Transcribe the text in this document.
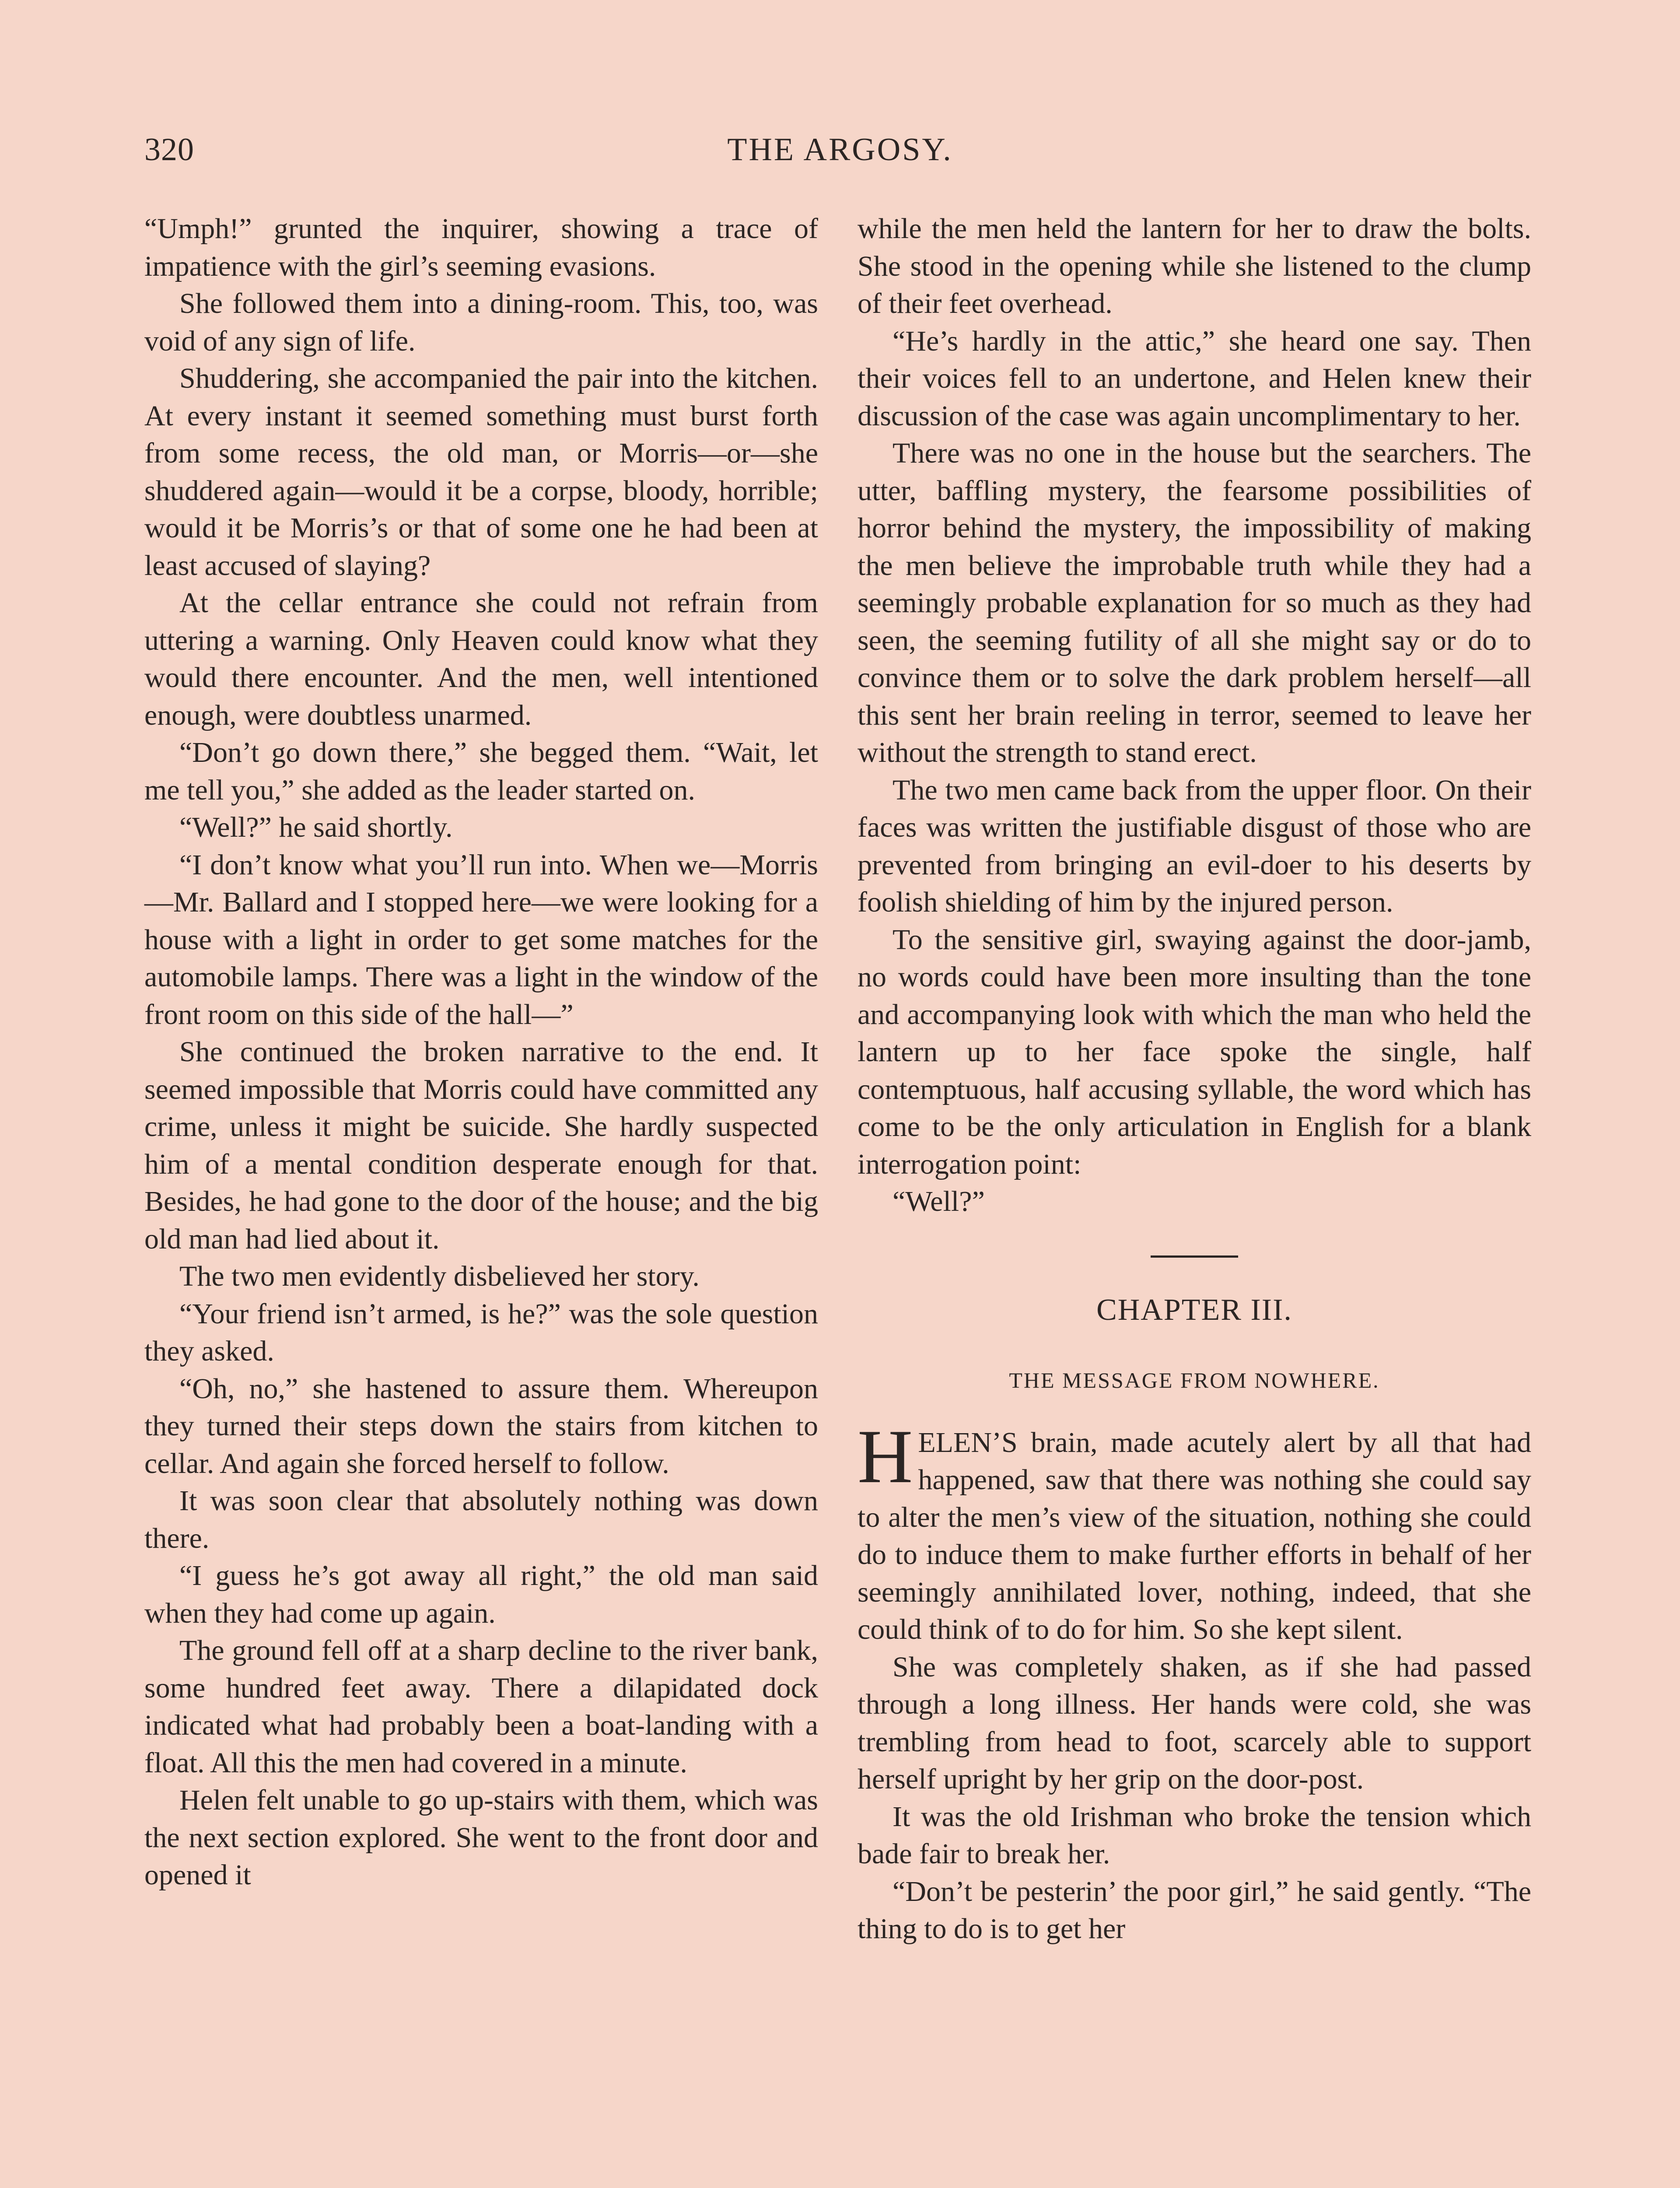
320	THE ARGOSY.

“Umph!” grunted the inquirer, showing a trace of impatience with the girl’s seeming evasions.

She followed them into a dining-room. This, too, was void of any sign of life.

Shuddering, she accompanied the pair into the kitchen. At every instant it seemed something must burst forth from some recess, the old man, or Morris—or—she shuddered again—would it be a corpse, bloody, horrible; would it be Morris’s or that of some one he had been at least accused of slaying?

At the cellar entrance she could not refrain from uttering a warning. Only Heaven could know what they would there encounter. And the men, well intentioned enough, were doubtless unarmed.

“Don’t go down there,” she begged them. “Wait, let me tell you,” she added as the leader started on.

“Well?” he said shortly.

“I don’t know what you’ll run into. When we—Morris—Mr. Ballard and I stopped here—we were looking for a house with a light in order to get some matches for the automobile lamps. There was a light in the window of the front room on this side of the hall—”

She continued the broken narrative to the end. It seemed impossible that Morris could have committed any crime, unless it might be suicide. She hardly suspected him of a mental condition desperate enough for that. Besides, he had gone to the door of the house; and the big old man had lied about it.

The two men evidently disbelieved her story.

“Your friend isn’t armed, is he?” was the sole question they asked.

“Oh, no,” she hastened to assure them. Whereupon they turned their steps down the stairs from kitchen to cellar. And again she forced herself to follow.

It was soon clear that absolutely nothing was down there.

“I guess he’s got away all right,” the old man said when they had come up again.

The ground fell off at a sharp decline to the river bank, some hundred feet away. There a dilapidated dock indicated what had probably been a boat-landing with a float. All this the men had covered in a minute.

Helen felt unable to go up-stairs with them, which was the next section explored. She went to the front door and opened it

while the men held the lantern for her to draw the bolts. She stood in the opening while she listened to the clump of their feet overhead.

“He’s hardly in the attic,” she heard one say. Then their voices fell to an undertone, and Helen knew their discussion of the case was again uncomplimentary to her.

There was no one in the house but the searchers. The utter, baffling mystery, the fearsome possibilities of horror behind the mystery, the impossibility of making the men believe the improbable truth while they had a seemingly probable explanation for so much as they had seen, the seeming futility of all she might say or do to convince them or to solve the dark problem herself—all this sent her brain reeling in terror, seemed to leave her without the strength to stand erect.

The two men came back from the upper floor. On their faces was written the justifiable disgust of those who are prevented from bringing an evil-doer to his deserts by foolish shielding of him by the injured person.

To the sensitive girl, swaying against the door-jamb, no words could have been more insulting than the tone and accompanying look with which the man who held the lantern up to her face spoke the single, half contemptuous, half accusing syllable, the word which has come to be the only articulation in English for a blank interrogation point:

“Well?”

CHAPTER III.
THE MESSAGE FROM NOWHERE.

HELEN’S brain, made acutely alert by all that had happened, saw that there was nothing she could say to alter the men’s view of the situation, nothing she could do to induce them to make further efforts in behalf of her seemingly annihilated lover, nothing, indeed, that she could think of to do for him. So she kept silent.

She was completely shaken, as if she had passed through a long illness. Her hands were cold, she was trembling from head to foot, scarcely able to support herself upright by her grip on the door-post.

It was the old Irishman who broke the tension which bade fair to break her.

“Don’t be pesterin’ the poor girl,” he said gently. “The thing to do is to get her
